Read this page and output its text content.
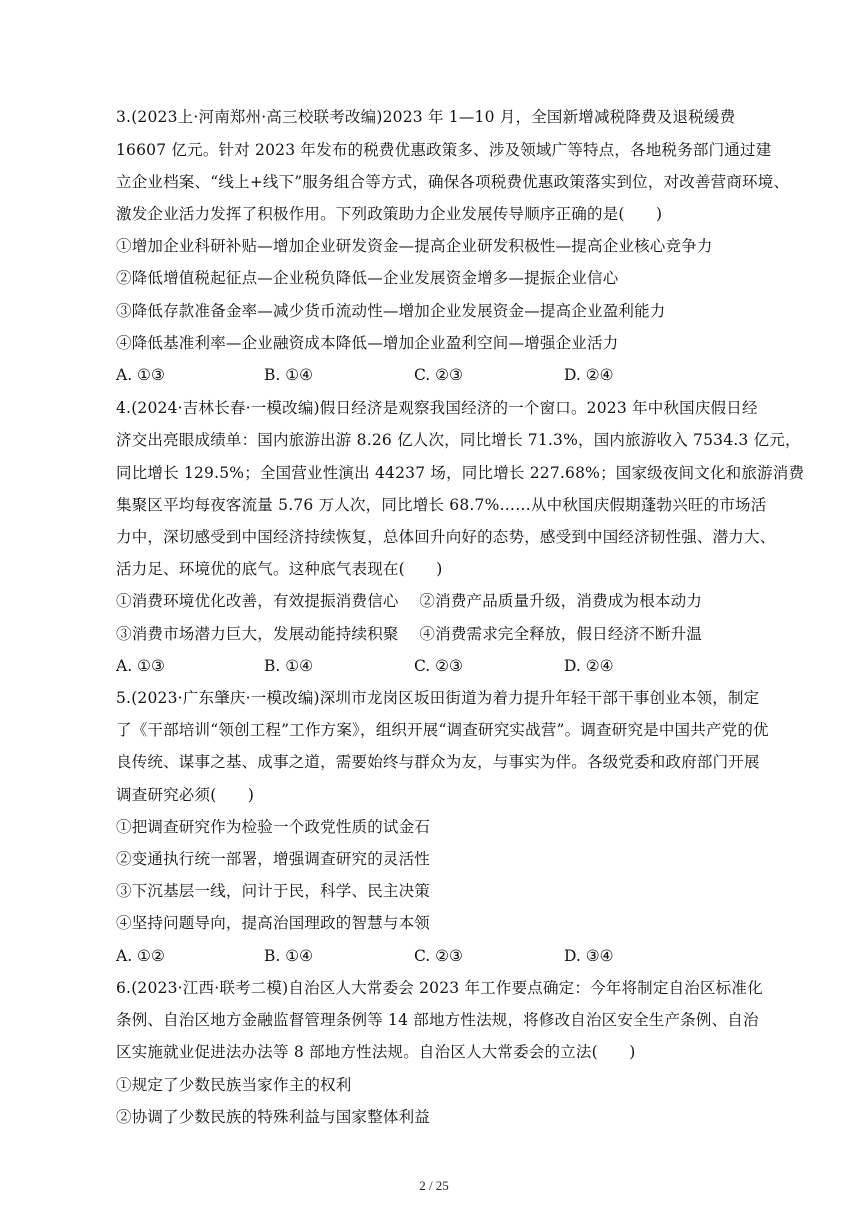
3.(2023上·河南郑州·高三校联考改编)2023 年 1—10 月，全国新增减税降费及退税缓费
16607 亿元。针对 2023 年发布的税费优惠政策多、涉及领域广等特点，各地税务部门通过建
立企业档案、“线上+线下”服务组合等方式，确保各项税费优惠政策落实到位，对改善营商环境、
激发企业活力发挥了积极作用。下列政策助力企业发展传导顺序正确的是(　　)
①增加企业科研补贴—增加企业研发资金—提高企业研发积极性—提高企业核心竞争力
②降低增值税起征点—企业税负降低—企业发展资金增多—提振企业信心
③降低存款准备金率—减少货币流动性—增加企业发展资金—提高企业盈利能力
④降低基准利率—企业融资成本降低—增加企业盈利空间—增强企业活力
A. ①③	B. ①④	C. ②③	D. ②④
4.(2024·吉林长春·一模改编)假日经济是观察我国经济的一个窗口。2023 年中秋国庆假日经
济交出亮眼成绩单：国内旅游出游 8.26 亿人次，同比增长 71.3%，国内旅游收入 7534.3 亿元，
同比增长 129.5%；全国营业性演出 44237 场，同比增长 227.68%；国家级夜间文化和旅游消费
集聚区平均每夜客流量 5.76 万人次，同比增长 68.7%……从中秋国庆假期蓬勃兴旺的市场活
力中，深切感受到中国经济持续恢复，总体回升向好的态势，感受到中国经济韧性强、潜力大、
活力足、环境优的底气。这种底气表现在(　　)
①消费环境优化改善，有效提振消费信心　 ②消费产品质量升级，消费成为根本动力
③消费市场潜力巨大，发展动能持续积聚　 ④消费需求完全释放，假日经济不断升温
A. ①③	B. ①④	C. ②③	D. ②④
5.(2023·广东肇庆·一模改编)深圳市龙岗区坂田街道为着力提升年轻干部干事创业本领，制定
了《干部培训“领创工程”工作方案》，组织开展“调查研究实战营”。调查研究是中国共产党的优
良传统、谋事之基、成事之道，需要始终与群众为友，与事实为伴。各级党委和政府部门开展
调查研究必须(　　)
①把调查研究作为检验一个政党性质的试金石
②变通执行统一部署，增强调查研究的灵活性
③下沉基层一线，问计于民，科学、民主决策
④坚持问题导向，提高治国理政的智慧与本领
A. ①②	B. ①④	C. ②③	D. ③④
6.(2023·江西·联考二模)自治区人大常委会 2023 年工作要点确定：今年将制定自治区标准化
条例、自治区地方金融监督管理条例等 14 部地方性法规，将修改自治区安全生产条例、自治
区实施就业促进法办法等 8 部地方性法规。自治区人大常委会的立法(　　)
①规定了少数民族当家作主的权利
②协调了少数民族的特殊利益与国家整体利益
2 / 25
